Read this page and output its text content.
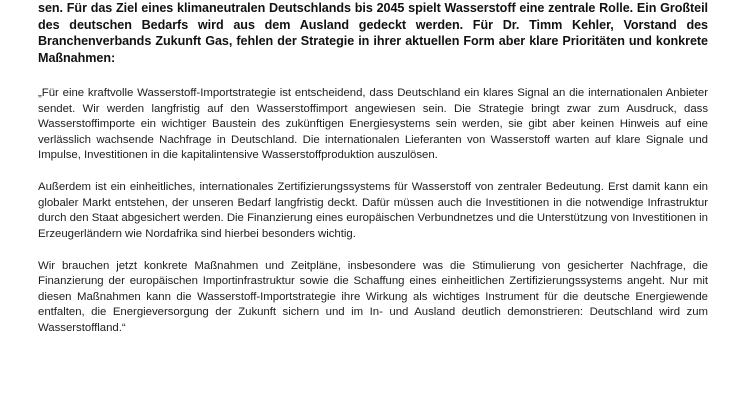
sen. Für das Ziel eines klimaneutralen Deutschlands bis 2045 spielt Wasserstoff eine zentrale Rolle. Ein Großteil des deutschen Bedarfs wird aus dem Ausland gedeckt werden. Für Dr. Timm Kehler, Vorstand des Branchenverbands Zukunft Gas, fehlen der Strategie in ihrer aktuellen Form aber klare Prioritäten und konkrete Maßnahmen:

„Für eine kraftvolle Wasserstoff-Importstrategie ist entscheidend, dass Deutschland ein klares Signal an die internationalen Anbieter sendet. Wir werden langfristig auf den Wasserstoffimport angewiesen sein. Die Strategie bringt zwar zum Ausdruck, dass Wasserstoffimporte ein wichtiger Baustein des zukünftigen Energiesystems sein werden, sie gibt aber keinen Hinweis auf eine verlässlich wachsende Nachfrage in Deutschland. Die internationalen Lieferanten von Wasserstoff warten auf klare Signale und Impulse, Investitionen in die kapitalintensive Wasserstoffproduktion auszulösen.

Außerdem ist ein einheitliches, internationales Zertifizierungssystems für Wasserstoff von zentraler Bedeutung. Erst damit kann ein globaler Markt entstehen, der unseren Bedarf langfristig deckt. Dafür müssen auch die Investitionen in die notwendige Infrastruktur durch den Staat abgesichert werden. Die Finanzierung eines europäischen Verbundnetzes und die Unterstützung von Investitionen in Erzeugerländern wie Nordafrika sind hierbei besonders wichtig.

Wir brauchen jetzt konkrete Maßnahmen und Zeitpläne, insbesondere was die Stimulierung von gesicherter Nachfrage, die Finanzierung der europäischen Importinfrastruktur sowie die Schaffung eines einheitlichen Zertifizierungssystems angeht. Nur mit diesen Maßnahmen kann die Wasserstoff-Importstrategie ihre Wirkung als wichtiges Instrument für die deutsche Energiewende entfalten, die Energieversorgung der Zukunft sichern und im In- und Ausland deutlich demonstrieren: Deutschland wird zum Wasserstoffland.“
